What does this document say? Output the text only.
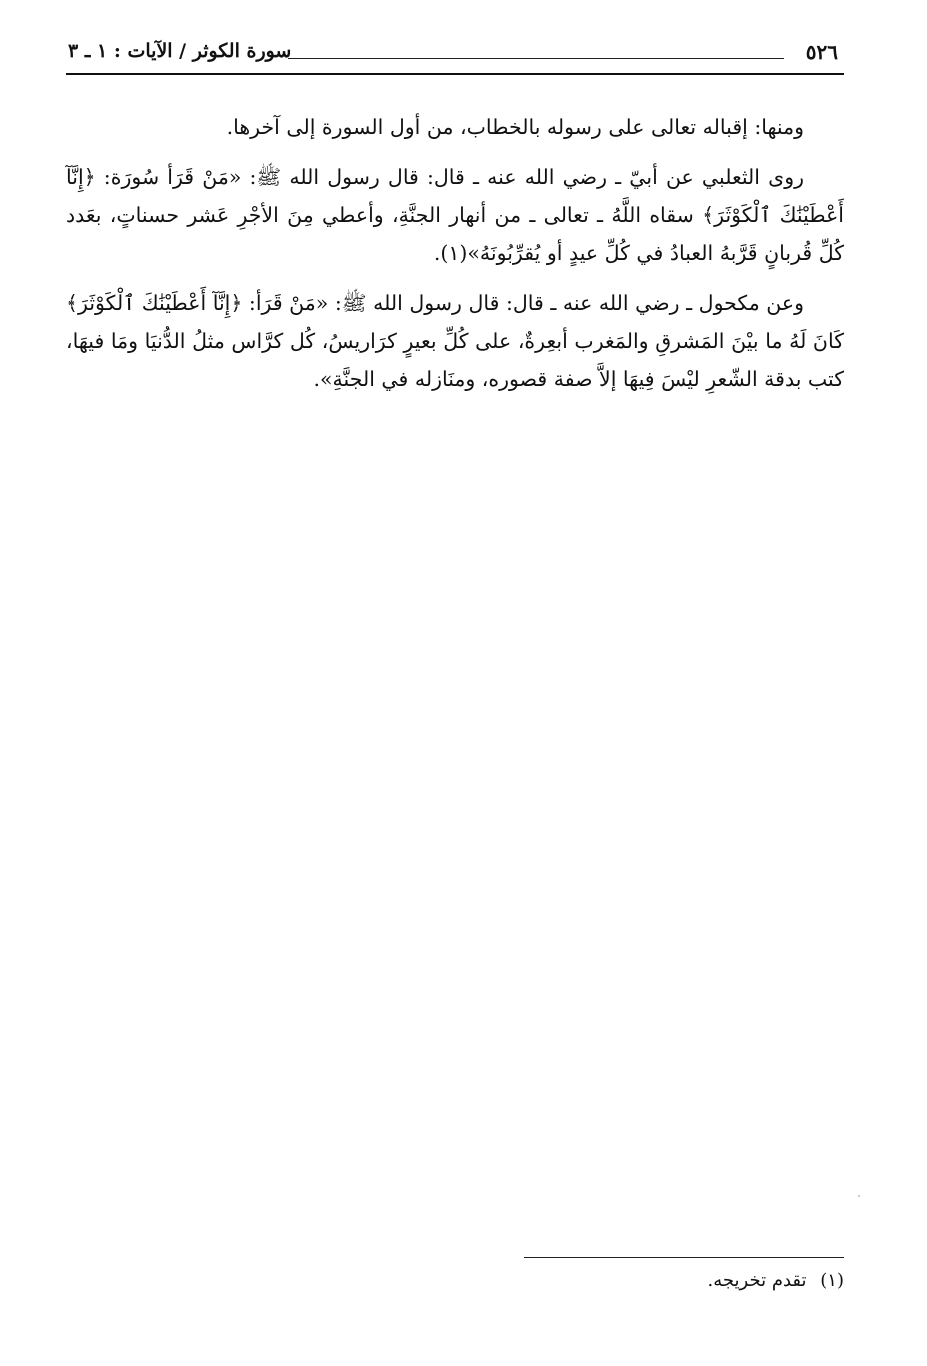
٥٢٦
سورة الكوثر / الآيات : ١ ـ ٣

ومنها: إقباله تعالى على رسوله بالخطاب، من أول السورة إلى آخرها.

روى الثعلبي عن أبيّ ـ رضي الله عنه ـ قال: قال رسول الله ﷺ: «مَنْ قَرَأ سُورَة: ﴿إِنَّآ أَعْطَيْنَٰكَ ٱلْكَوْثَرَ﴾ سقاه اللَّهُ ـ تعالى ـ من أنهار الجنَّةِ، وأعطي مِنَ الأجْرِ عَشر حسناتٍ، بعَدد كُلِّ قُربانٍ قَرَّبهُ العبادُ في كُلِّ عيدٍ أو يُقرِّبُونَهُ»(١).

وعن مكحول ـ رضي الله عنه ـ قال: قال رسول الله ﷺ: «مَنْ قَرَأ: ﴿إِنَّآ أَعْطَيْنَٰكَ ٱلْكَوْثَرَ﴾ كَانَ لَهُ ما بيْنَ المَشرقِ والمَغرب أبعِرةٌ، على كُلِّ بعيرٍ كرَاريسُ، كُل كرَّاس مثلُ الدُّنيَا ومَا فيهَا، كتب بدقة الشّعرِ ليْسَ فِيهَا إلاَّ صفة قصوره، ومنَازله في الجنَّةِ».

(١) تقدم تخريجه.
